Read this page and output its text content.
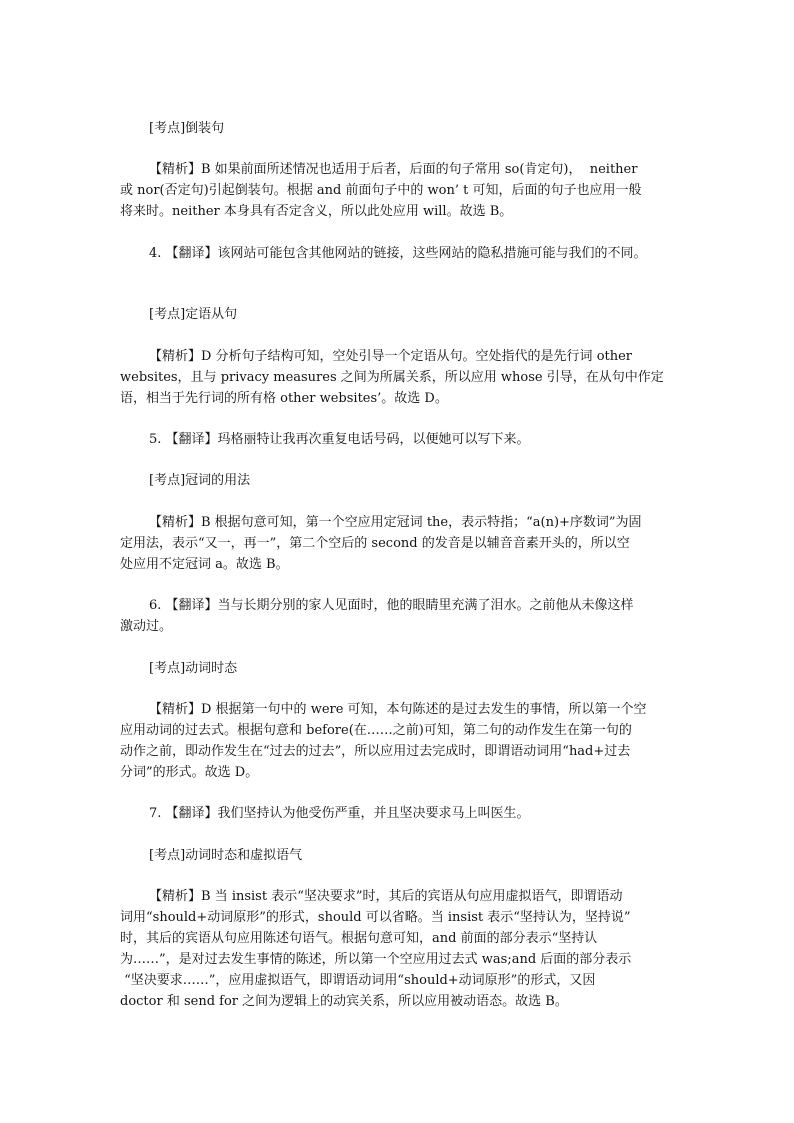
[考点]倒装句
【精析】B 如果前面所述情况也适用于后者，后面的句子常用 so(肯定句)，  neither
或 nor(否定句)引起倒装句。根据 and 前面句子中的 won’ t 可知，后面的句子也应用一般
将来时。neither 本身具有否定含义，所以此处应用 will。故选 B。
4. 【翻译】该网站可能包含其他网站的链接，这些网站的隐私措施可能与我们的不同。
[考点]定语从句
【精析】D 分析句子结构可知，空处引导一个定语从句。空处指代的是先行词 other
websites，且与 privacy measures 之间为所属关系，所以应用 whose 引导，在从句中作定
语，相当于先行词的所有格 other websites’。故选 D。
5. 【翻译】玛格丽特让我再次重复电话号码，以便她可以写下来。
[考点]冠词的用法
【精析】B 根据句意可知，第一个空应用定冠词 the，表示特指；“a(n)+序数词”为固
定用法，表示“又一，再一”，第二个空后的 second 的发音是以辅音音素开头的，所以空
处应用不定冠词 a。故选 B。
6. 【翻译】当与长期分别的家人见面时，他的眼睛里充满了泪水。之前他从未像这样
激动过。
[考点]动词时态
【精析】D 根据第一句中的 were 可知，本句陈述的是过去发生的事情，所以第一个空
应用动词的过去式。根据句意和 before(在……之前)可知，第二句的动作发生在第一句的
动作之前，即动作发生在“过去的过去”，所以应用过去完成时，即谓语动词用“had+过去
分词”的形式。故选 D。
7. 【翻译】我们坚持认为他受伤严重，并且坚决要求马上叫医生。
[考点]动词时态和虚拟语气
【精析】B 当 insist 表示“坚决要求”时，其后的宾语从句应用虚拟语气，即谓语动
词用“should+动词原形”的形式，should 可以省略。当 insist 表示“坚持认为，坚持说”
时，其后的宾语从句应用陈述句语气。根据句意可知，and 前面的部分表示“坚持认
为……”，是对过去发生事情的陈述，所以第一个空应用过去式 was;and 后面的部分表示
“坚决要求……”，应用虚拟语气，即谓语动词用“should+动词原形”的形式，又因
doctor 和 send for 之间为逻辑上的动宾关系，所以应用被动语态。故选 B。
